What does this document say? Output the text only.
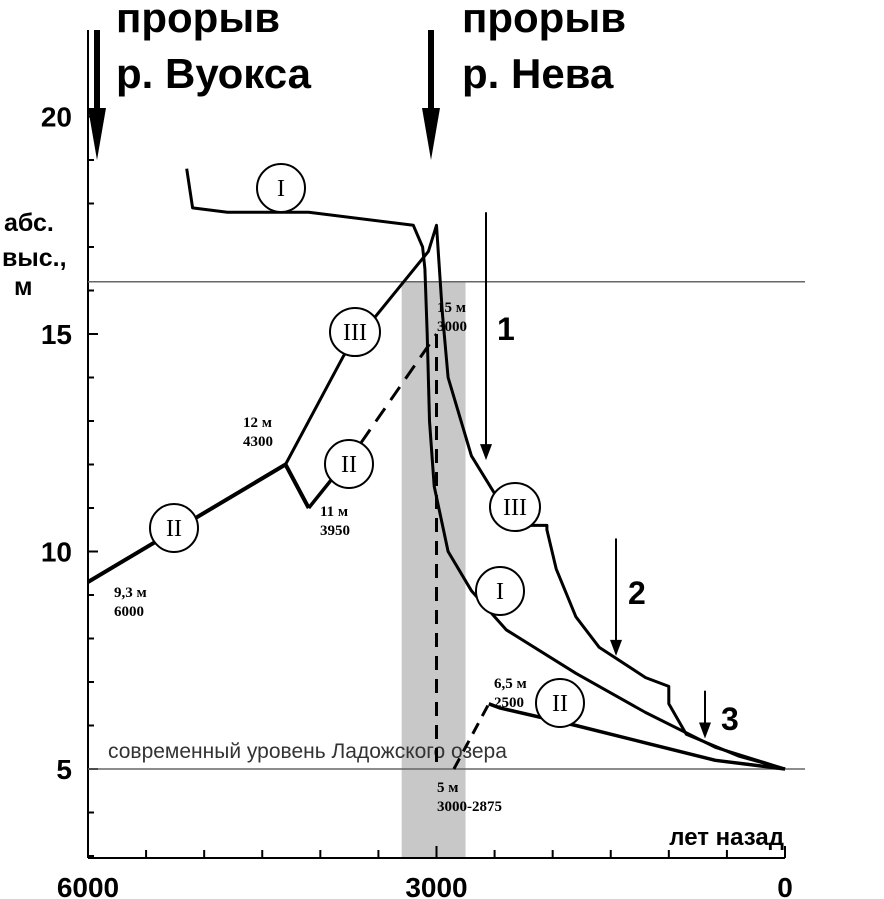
5
10
15
20
6000	3000	0
лет назад
абс.
выс.,
м
современный уровень Ладожского озера
прорыв
р. Вуокса
прорыв
р. Нева
1
2
3
9,3 м
6000
12 м
4300
11 м
3950
15 м
3000
6,5 м
2500
5 м
3000-2875
I
III
II
II
III
I
II
